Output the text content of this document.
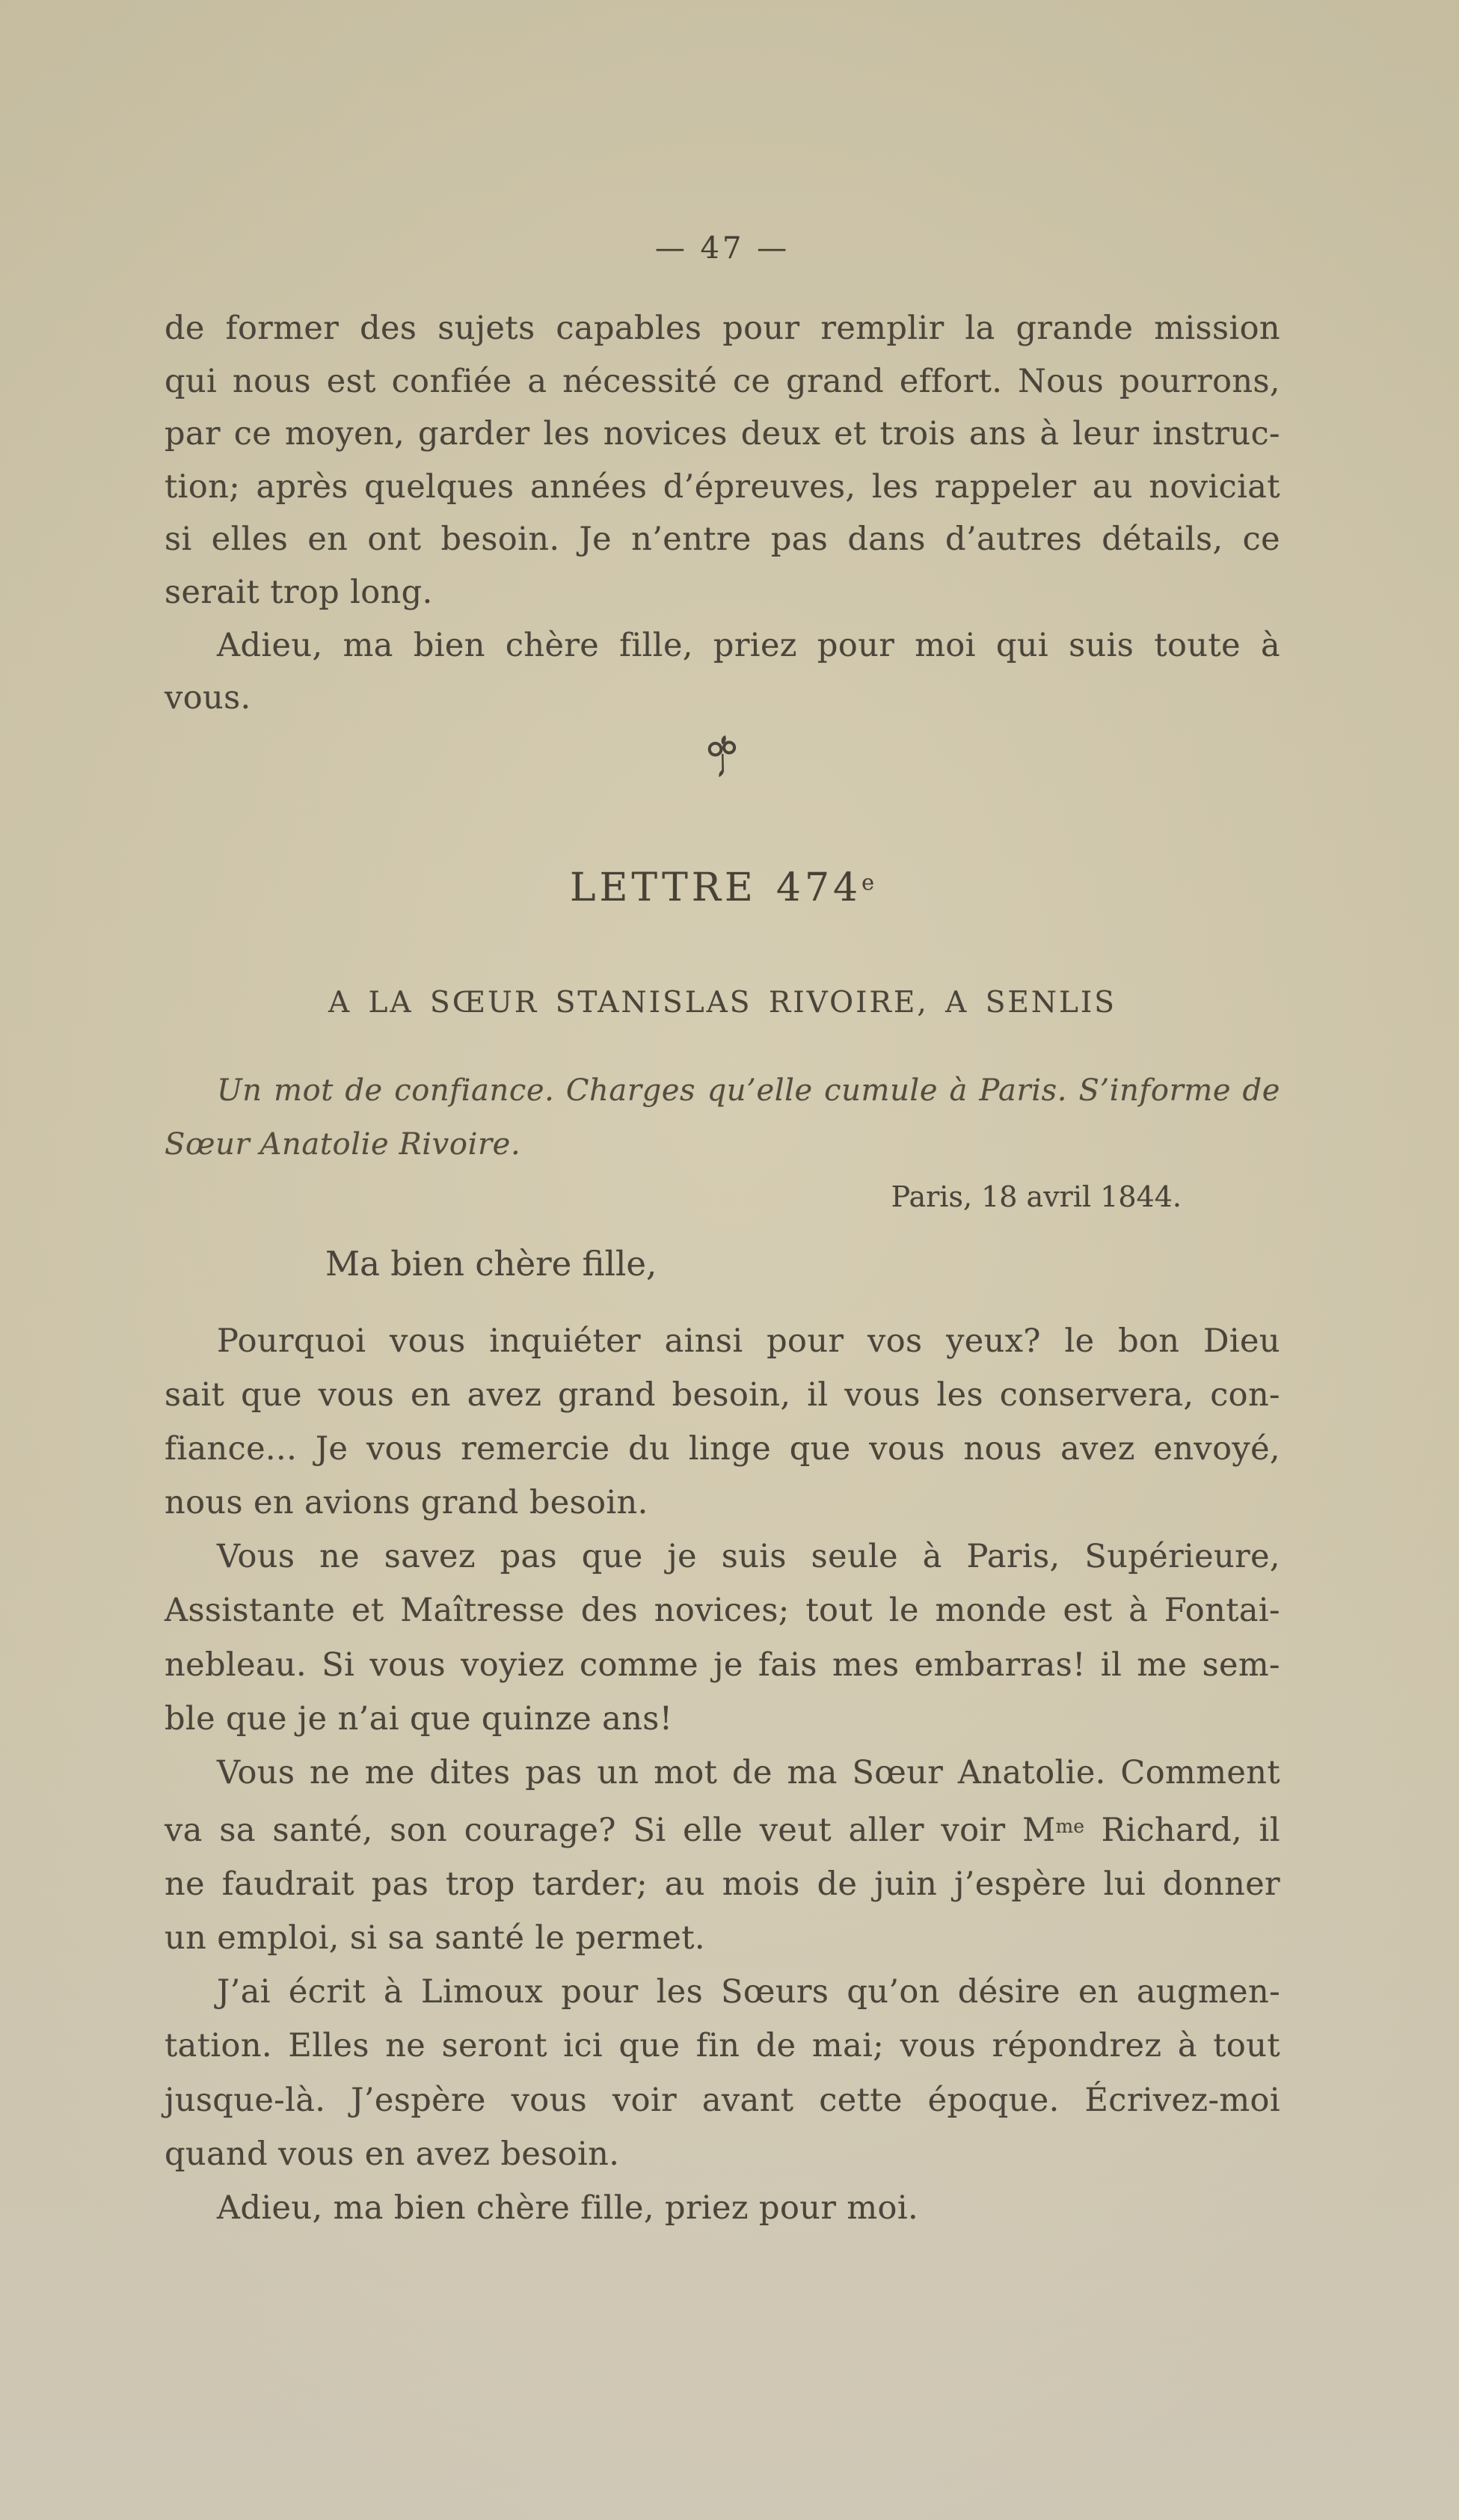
— 47 —
de former des sujets capables pour remplir la grande mission
qui nous est confiée a nécessité ce grand effort. Nous pourrons,
par ce moyen, garder les novices deux et trois ans à leur instruc-
tion; après quelques années d’épreuves, les rappeler au noviciat
si elles en ont besoin. Je n’entre pas dans d’autres détails, ce
serait trop long.
Adieu, ma bien chère fille, priez pour moi qui suis toute à
vous.
LETTRE 474e
A LA SŒUR STANISLAS RIVOIRE, A SENLIS
Un mot de confiance. Charges qu’elle cumule à Paris. S’informe de
Sœur Anatolie Rivoire.
Paris, 18 avril 1844.
Ma bien chère fille,
Pourquoi vous inquiéter ainsi pour vos yeux? le bon Dieu
sait que vous en avez grand besoin, il vous les conservera, con-
fiance... Je vous remercie du linge que vous nous avez envoyé,
nous en avions grand besoin.
Vous ne savez pas que je suis seule à Paris, Supérieure,
Assistante et Maîtresse des novices; tout le monde est à Fontai-
nebleau. Si vous voyiez comme je fais mes embarras! il me sem-
ble que je n’ai que quinze ans!
Vous ne me dites pas un mot de ma Sœur Anatolie. Comment
va sa santé, son courage? Si elle veut aller voir $M^{me}$ Richard, il
ne faudrait pas trop tarder; au mois de juin j’espère lui donner
un emploi, si sa santé le permet.
J’ai écrit à Limoux pour les Sœurs qu’on désire en augmen-
tation. Elles ne seront ici que fin de mai; vous répondrez à tout
jusque-là. J’espère vous voir avant cette époque. Écrivez-moi
quand vous en avez besoin.
Adieu, ma bien chère fille, priez pour moi.
